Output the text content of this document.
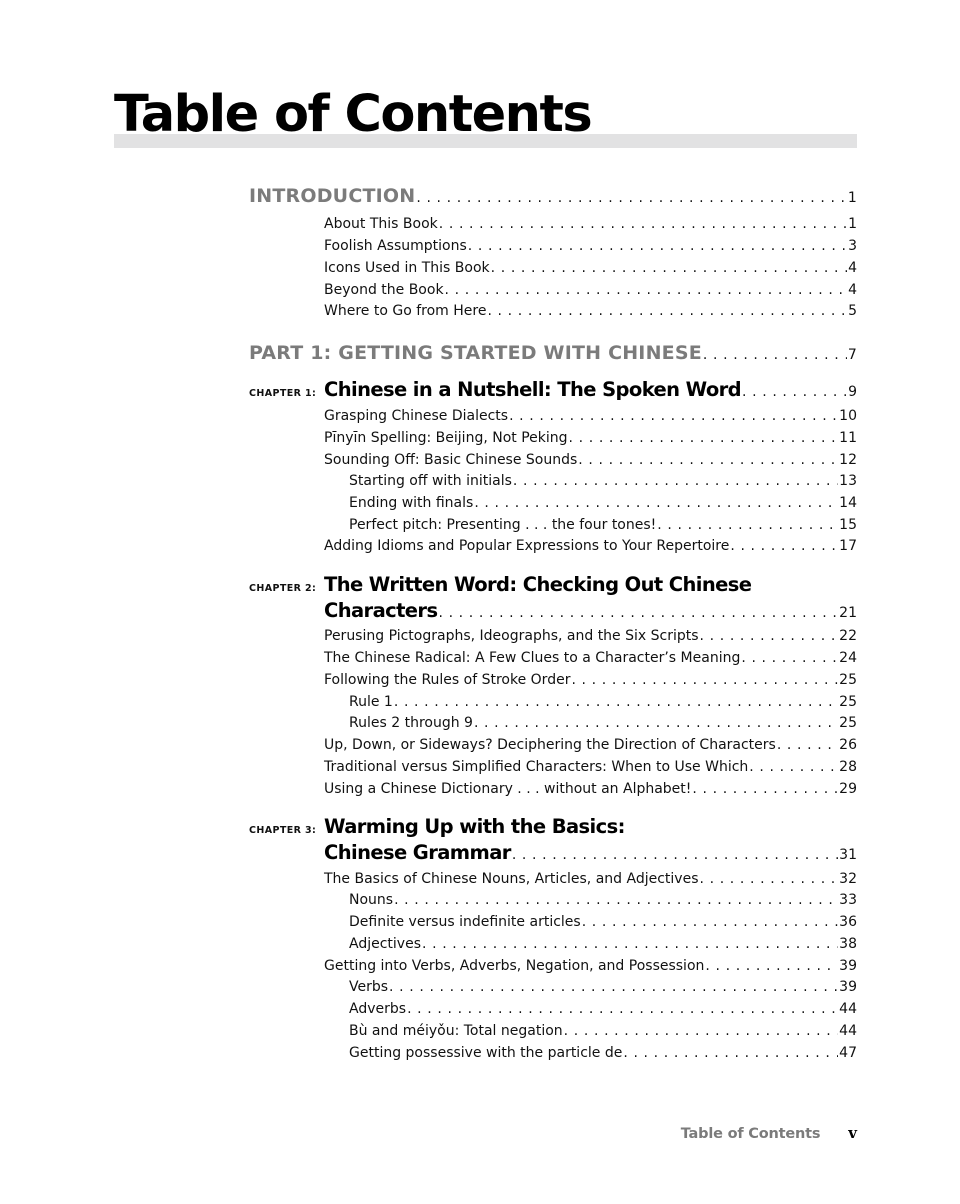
Table of Contents
INTRODUCTION . . .	1
About This Book . . .	1
Foolish Assumptions . . .	3
Icons Used in This Book . . .	4
Beyond the Book . . .	4
Where to Go from Here . . .	5
PART 1: GETTING STARTED WITH CHINESE . . .	7
CHAPTER 1: Chinese in a Nutshell: The Spoken Word . . .	9
Grasping Chinese Dialects . . .	10
Pīnyīn Spelling: Beijing, Not Peking . . .	11
Sounding Off: Basic Chinese Sounds . . .	12
Starting off with initials . . .	13
Ending with finals . . .	14
Perfect pitch: Presenting . . . the four tones! . . .	15
Adding Idioms and Popular Expressions to Your Repertoire . . .	17
CHAPTER 2: The Written Word: Checking Out Chinese
Characters . . .	21
Perusing Pictographs, Ideographs, and the Six Scripts . . .	22
The Chinese Radical: A Few Clues to a Character’s Meaning . . .	24
Following the Rules of Stroke Order . . .	25
Rule 1 . . .	25
Rules 2 through 9 . . .	25
Up, Down, or Sideways? Deciphering the Direction of Characters . . .	26
Traditional versus Simplified Characters: When to Use Which . . .	28
Using a Chinese Dictionary . . . without an Alphabet! . . .	29
CHAPTER 3: Warming Up with the Basics:
Chinese Grammar . . .	31
The Basics of Chinese Nouns, Articles, and Adjectives . . .	32
Nouns . . .	33
Definite versus indefinite articles . . .	36
Adjectives . . .	38
Getting into Verbs, Adverbs, Negation, and Possession . . .	39
Verbs . . .	39
Adverbs . . .	44
Bù and méiyǒu: Total negation . . .	44
Getting possessive with the particle de . . .	47
Table of Contents v
